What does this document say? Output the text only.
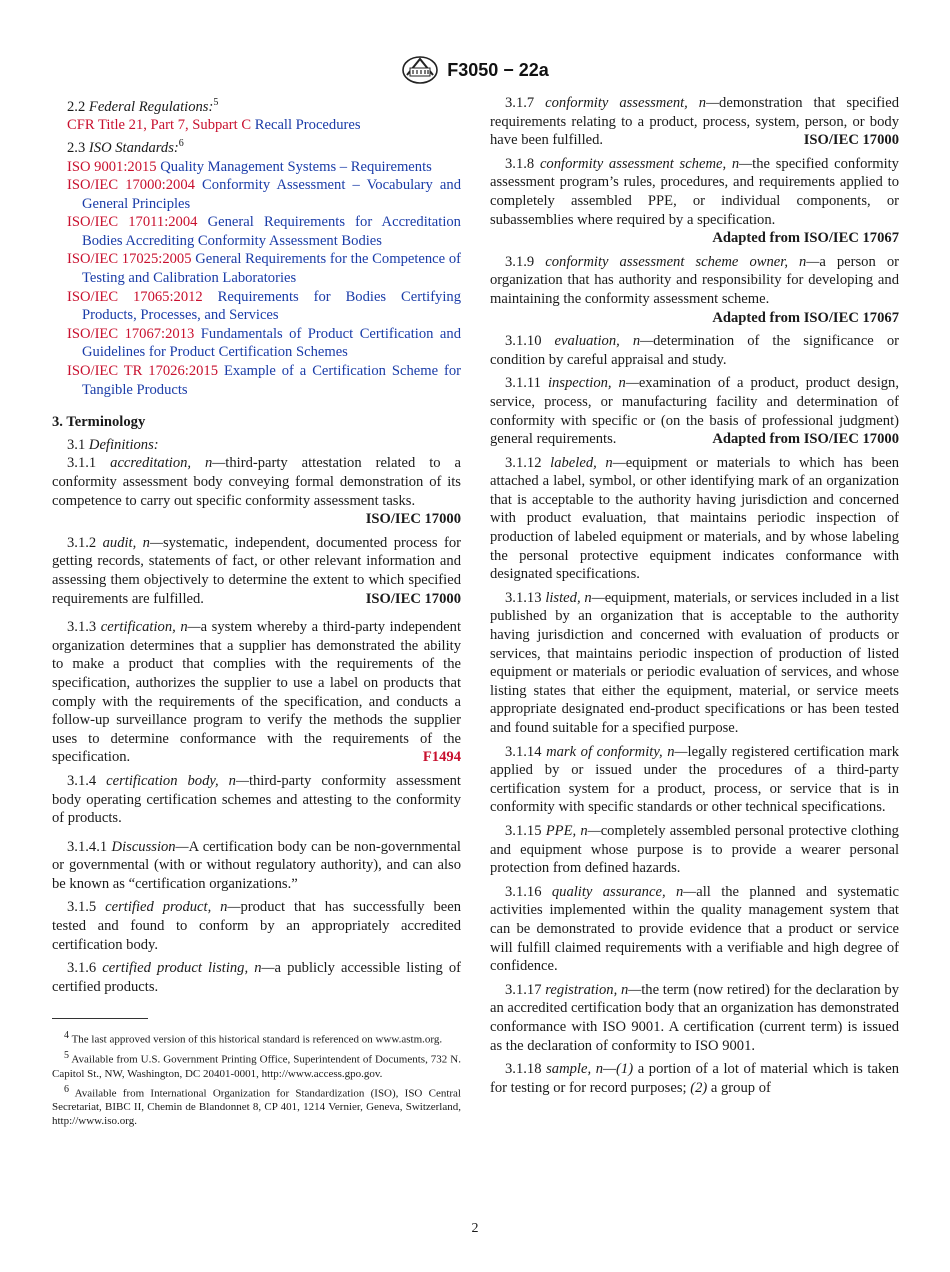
F3050 − 22a

2.2 Federal Regulations:$^5$

CFR Title 21, Part 7, Subpart C Recall Procedures

2.3 ISO Standards:$^6$

ISO 9001:2015 Quality Management Systems – Requirements

ISO/IEC 17000:2004 Conformity Assessment – Vocabulary and General Principles

ISO/IEC 17011:2004 General Requirements for Accreditation Bodies Accrediting Conformity Assessment Bodies

ISO/IEC 17025:2005 General Requirements for the Competence of Testing and Calibration Laboratories

ISO/IEC 17065:2012 Requirements for Bodies Certifying Products, Processes, and Services

ISO/IEC 17067:2013 Fundamentals of Product Certification and Guidelines for Product Certification Schemes

ISO/IEC TR 17026:2015 Example of a Certification Scheme for Tangible Products

3. Terminology

3.1 Definitions:

3.1.1 accreditation, n—third-party attestation related to a conformity assessment body conveying formal demonstration of its competence to carry out specific conformity assessment tasks.
ISO/IEC 17000

3.1.2 audit, n—systematic, independent, documented process for getting records, statements of fact, or other relevant information and assessing them objectively to determine the extent to which specified requirements are fulfilled.	ISO/IEC 17000

3.1.3 certification, n—a system whereby a third-party independent organization determines that a supplier has demonstrated the ability to make a product that complies with the requirements of the specification, authorizes the supplier to use a label on products that comply with the requirements of the specification, and conducts a follow-up surveillance program to verify the methods the supplier uses to determine conformance with the requirements of the specification.	F1494

3.1.4 certification body, n—third-party conformity assessment body operating certification schemes and attesting to the conformity of products.

3.1.4.1 Discussion—A certification body can be non-governmental or governmental (with or without regulatory authority), and can also be known as “certification organizations.”

3.1.5 certified product, n—product that has successfully been tested and found to conform by an appropriately accredited certification body.

3.1.6 certified product listing, n—a publicly accessible listing of certified products.

$^4$ The last approved version of this historical standard is referenced on www.astm.org.

$^5$ Available from U.S. Government Printing Office, Superintendent of Documents, 732 N. Capitol St., NW, Washington, DC 20401-0001, http://www.access.gpo.gov.

$^6$ Available from International Organization for Standardization (ISO), ISO Central Secretariat, BIBC II, Chemin de Blandonnet 8, CP 401, 1214 Vernier, Geneva, Switzerland, http://www.iso.org.

3.1.7 conformity assessment, n—demonstration that specified requirements relating to a product, process, system, person, or body have been fulfilled.	ISO/IEC 17000

3.1.8 conformity assessment scheme, n—the specified conformity assessment program’s rules, procedures, and requirements applied to completely assembled PPE, or individual components, or subassemblies where required by a specification.
Adapted from ISO/IEC 17067

3.1.9 conformity assessment scheme owner, n—a person or organization that has authority and responsibility for developing and maintaining the conformity assessment scheme.

Adapted from ISO/IEC 17067

3.1.10 evaluation, n—determination of the significance or condition by careful appraisal and study.

3.1.11 inspection, n—examination of a product, product design, service, process, or manufacturing facility and determination of conformity with specific or (on the basis of professional judgment) general requirements.	Adapted from ISO/IEC 17000

3.1.12 labeled, n—equipment or materials to which has been attached a label, symbol, or other identifying mark of an organization that is acceptable to the authority having jurisdiction and concerned with product evaluation, that maintains periodic inspection of production of labeled equipment or materials, and by whose labeling the personal protective equipment indicates conformance with designated specifications.

3.1.13 listed, n—equipment, materials, or services included in a list published by an organization that is acceptable to the authority having jurisdiction and concerned with evaluation of products or services, that maintains periodic inspection of production of listed equipment or materials or periodic evaluation of services, and whose listing states that either the equipment, material, or service meets appropriate designated end-product specifications or has been tested and found suitable for a specified purpose.

3.1.14 mark of conformity, n—legally registered certification mark applied by or issued under the procedures of a third-party certification system for a product, process, or service that is in conformity with specific standards or other technical specifications.

3.1.15 PPE, n—completely assembled personal protective clothing and equipment whose purpose is to provide a wearer personal protection from defined hazards.

3.1.16 quality assurance, n—all the planned and systematic activities implemented within the quality management system that can be demonstrated to provide evidence that a product or service will fulfill claimed requirements with a verifiable and high degree of confidence.

3.1.17 registration, n—the term (now retired) for the declaration by an accredited certification body that an organization has demonstrated conformance with ISO 9001. A certification (current term) is issued as the declaration of conformity to ISO 9001.

3.1.18 sample, n—(1) a portion of a lot of material which is taken for testing or for record purposes; (2) a group of

2
